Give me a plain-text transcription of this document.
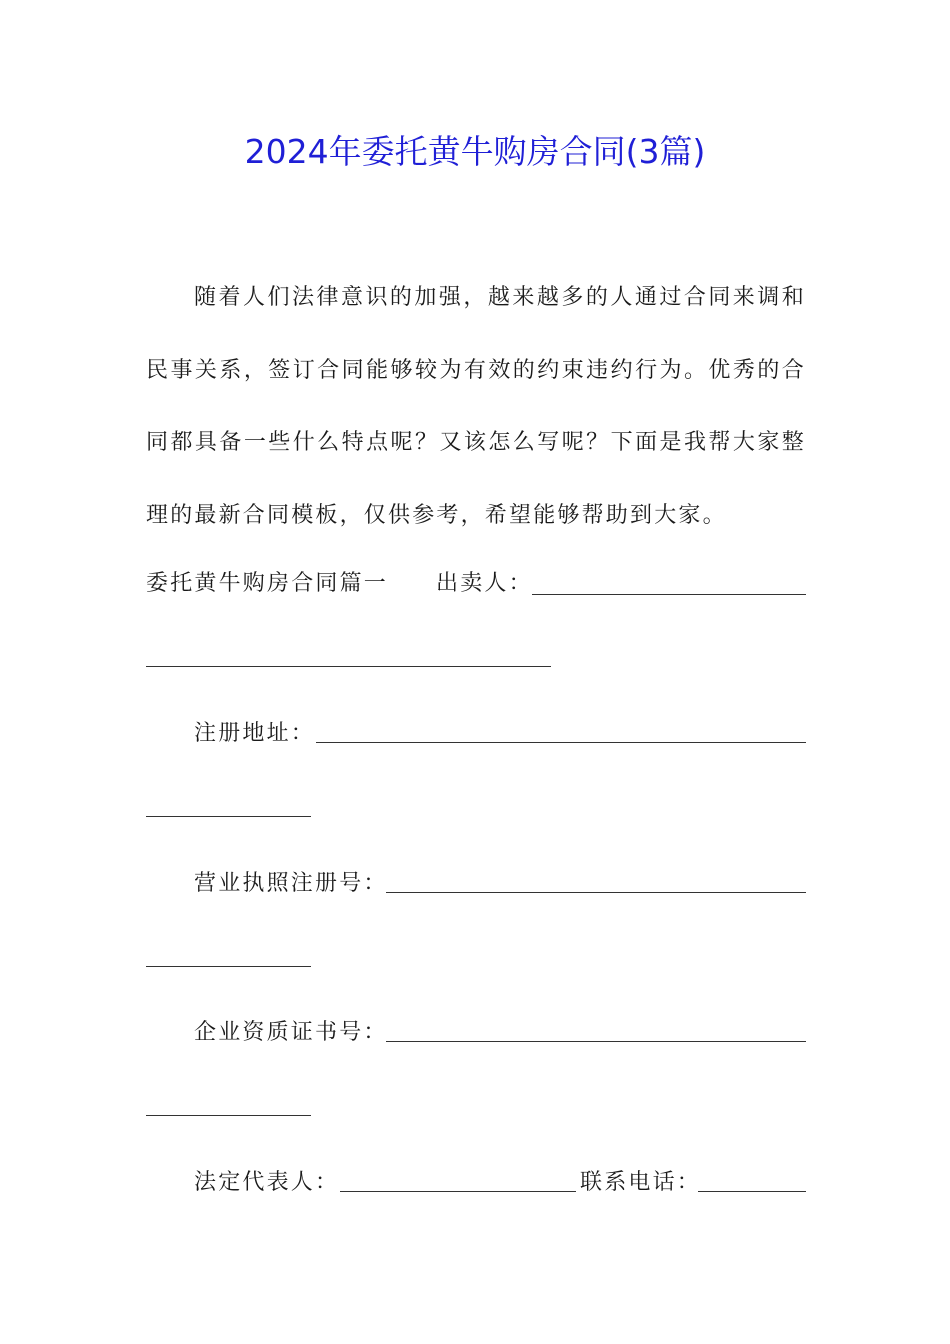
2024年委托黄牛购房合同(3篇)

随着人们法律意识的加强，越来越多的人通过合同来调和民事关系，签订合同能够较为有效的约束违约行为。优秀的合同都具备一些什么特点呢？又该怎么写呢？下面是我帮大家整理的最新合同模板，仅供参考，希望能够帮助到大家。

委托黄牛购房合同篇一 出卖人：
注册地址：
营业执照注册号：
企业资质证书号：
法定代表人：	联系电话：
